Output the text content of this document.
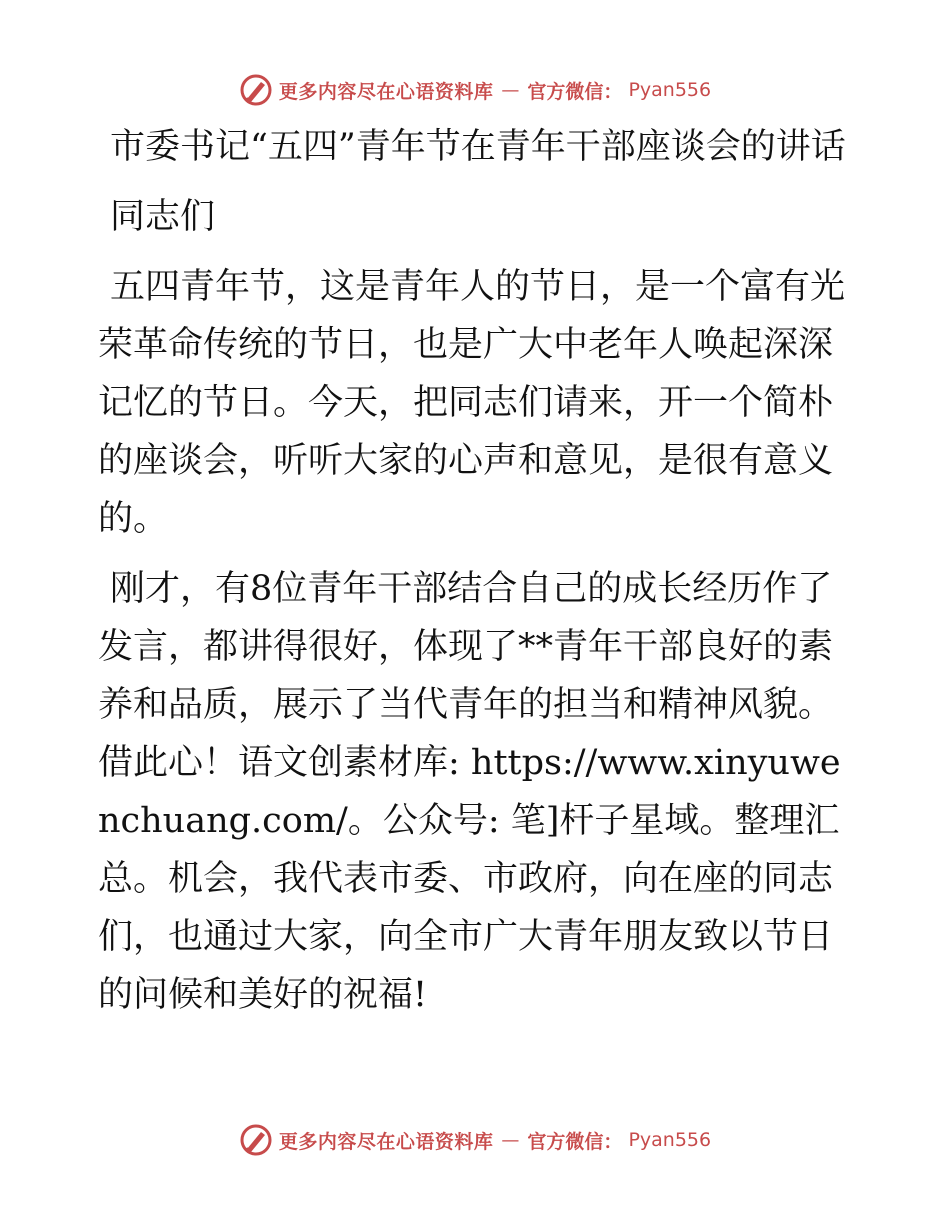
更多内容尽在心语资料库 — 官方微信： Pyan556
市委书记“五四”青年节在青年干部座谈会的讲话

同志们

五四青年节，这是青年人的节日，是一个富有光荣革命传统的节日，也是广大中老年人唤起深深记忆的节日。今天，把同志们请来，开一个简朴的座谈会，听听大家的心声和意见，是很有意义的。

刚才，有8位青年干部结合自己的成长经历作了发言，都讲得很好，体现了**青年干部良好的素养和品质，展示了当代青年的担当和精神风貌。借此心！语文创素材库: https://www.xinyuwenchuang.com/。公众号: 笔]杆子星域。整理汇总。机会，我代表市委、市政府，向在座的同志们，也通过大家，向全市广大青年朋友致以节日的问候和美好的祝福!

更多内容尽在心语资料库 — 官方微信： Pyan556
